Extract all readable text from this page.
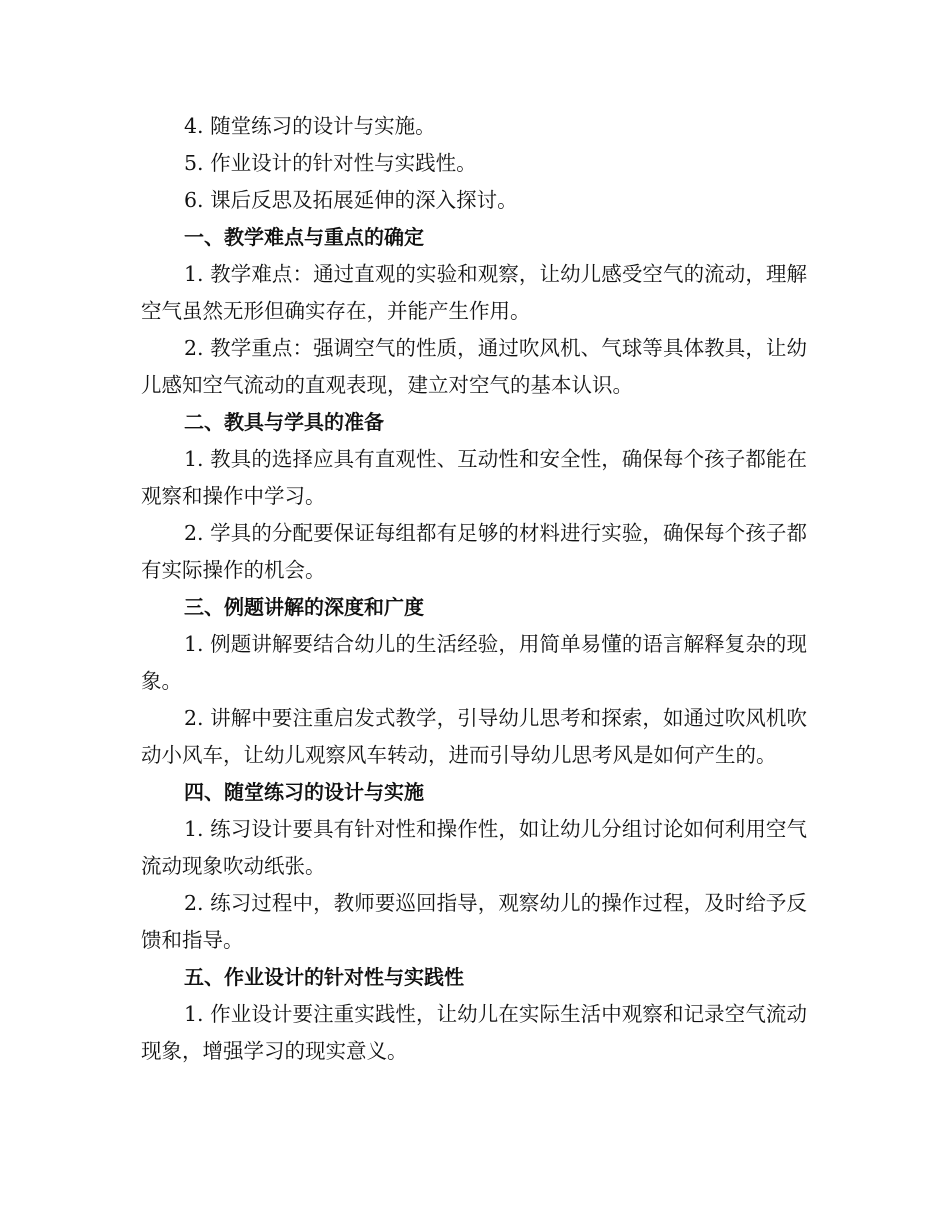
4. 随堂练习的设计与实施。

5. 作业设计的针对性与实践性。

6. 课后反思及拓展延伸的深入探讨。

一、教学难点与重点的确定

1. 教学难点：通过直观的实验和观察，让幼儿感受空气的流动，理解空气虽然无形但确实存在，并能产生作用。

2. 教学重点：强调空气的性质，通过吹风机、气球等具体教具，让幼儿感知空气流动的直观表现，建立对空气的基本认识。

二、教具与学具的准备

1. 教具的选择应具有直观性、互动性和安全性，确保每个孩子都能在观察和操作中学习。

2. 学具的分配要保证每组都有足够的材料进行实验，确保每个孩子都有实际操作的机会。

三、例题讲解的深度和广度

1. 例题讲解要结合幼儿的生活经验，用简单易懂的语言解释复杂的现象。

2. 讲解中要注重启发式教学，引导幼儿思考和探索，如通过吹风机吹动小风车，让幼儿观察风车转动，进而引导幼儿思考风是如何产生的。

四、随堂练习的设计与实施

1. 练习设计要具有针对性和操作性，如让幼儿分组讨论如何利用空气流动现象吹动纸张。

2. 练习过程中，教师要巡回指导，观察幼儿的操作过程，及时给予反馈和指导。

五、作业设计的针对性与实践性

1. 作业设计要注重实践性，让幼儿在实际生活中观察和记录空气流动现象，增强学习的现实意义。
